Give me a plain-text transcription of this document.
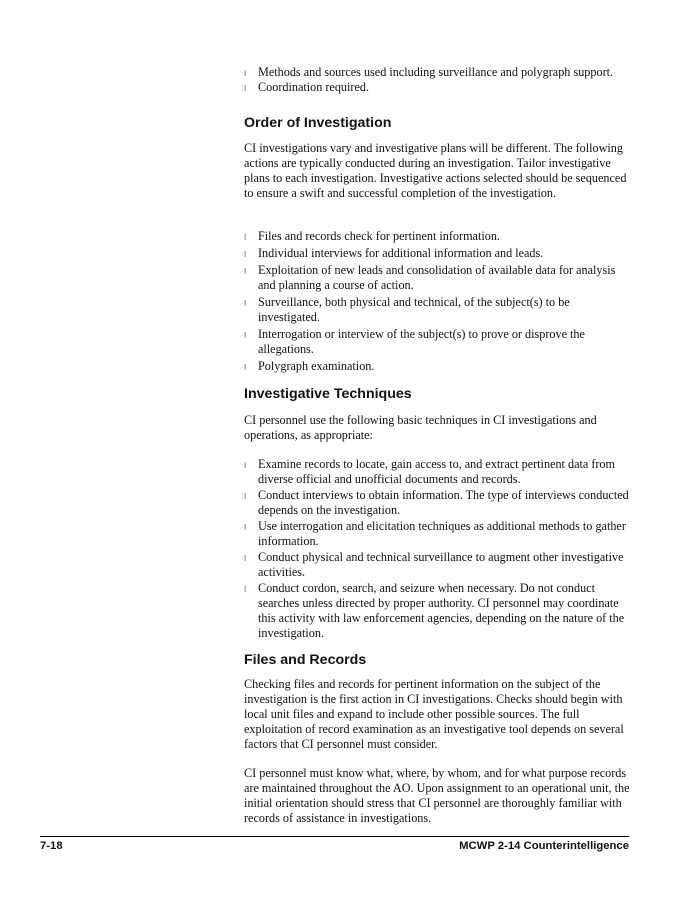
l Methods and sources used including surveillance and polygraph support.
l Coordination required.
Order of Investigation

CI investigations vary and investigative plans will be different. The following actions are typically conducted during an investigation. Tailor investigative plans to each investigation. Investigative actions selected should be sequenced to ensure a swift and successful completion of the investigation.

l Files and records check for pertinent information.
l Individual interviews for additional information and leads.
l Exploitation of new leads and consolidation of available data for analysis and planning a course of action.
l Surveillance, both physical and technical, of the subject(s) to be investigated.
l Interrogation or interview of the subject(s) to prove or disprove the allegations.
l Polygraph examination.
Investigative Techniques

CI personnel use the following basic techniques in CI investigations and operations, as appropriate:

l Examine records to locate, gain access to, and extract pertinent data from diverse official and unofficial documents and records.
l Conduct interviews to obtain information. The type of interviews conducted depends on the investigation.
l Use interrogation and elicitation techniques as additional methods to gather information.
l Conduct physical and technical surveillance to augment other investigative activities.
l Conduct cordon, search, and seizure when necessary. Do not conduct searches unless directed by proper authority. CI personnel may coordinate this activity with law enforcement agencies, depending on the nature of the investigation.
Files and Records

Checking files and records for pertinent information on the subject of the investigation is the first action in CI investigations. Checks should begin with local unit files and expand to include other possible sources. The full exploitation of record examination as an investigative tool depends on several factors that CI personnel must consider.

CI personnel must know what, where, by whom, and for what purpose records are maintained throughout the AO. Upon assignment to an operational unit, the initial orientation should stress that CI personnel are thoroughly familiar with records of assistance in investigations.

7-18	MCWP 2-14 Counterintelligence
